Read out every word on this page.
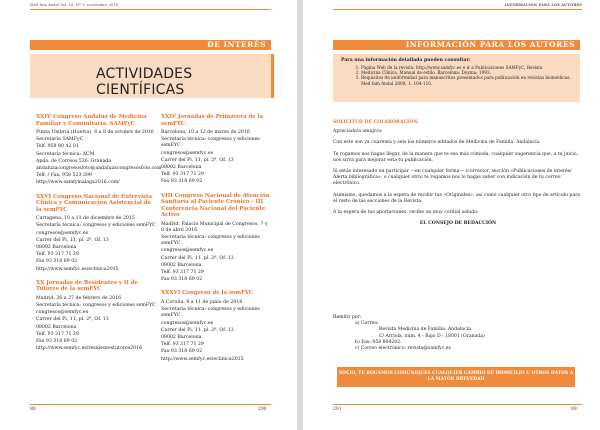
Med fam Andal Vol. 16, Nº 3, noviembre 2015
DE INTERÉS
ACTIVIDADES CIENTÍFICAS
XXIV Congreso Andaluz de Medicina Familiar y Comunitaria. SAMFyC
Punta Umbría (Huelva), 6 a 8 de octubre de 2016
Secretaría SAMFyC
Telf. 958 80 42 01
Secretaría técnica: ACM
Apdo. de Correos 536, Granada
andaluzacongresosfoto@andaluzacongresosfoto.com
Telf. / Fax: 958 523 299
http://www.samfymalaga2016.com/
XXVI Congreso Nacional de Entrevista Clínica y Comunicación Asistencial de la semFYC
Cartagena, 10 a 11 de diciembre de 2015
Secretaría técnica: congresos y ediciones semFYC
congresos@semfyc.es
Carrer del Pi, 11, pl. 2ª, Of. 13
08002 Barcelona
Telf. 93 317 71 29
Fax 93 318 69 02
http://www.semfyc.es/eclinica2015
XX Jornadas de Residentes y II de Tutores de la semFYC
Madrid, 26 a 27 de febrero de 2016
Secretaría técnica: congresos y ediciones semFYC
congresos@semfyc.es
Carrer del Pi, 11, pl. 2ª, Of. 13
08002 Barcelona
Telf. 93 317 71 29
Fax 93 318 69 02
http://www.semfyc.es/residentestutores2016
XXIV Jornadas de Primavera de la semFYC
Barcelona, 10 a 12 de marzo de 2016
Secretaría técnica: congresos y ediciones semFYC
congresos@semfyc.es
Carrer del Pi, 11, pl. 2ª, Of. 13
08002 Barcelona
Telf. 93 317 71 29
Fax 93 318 69 02
VIII Congreso Nacional de Atención Sanitaria al Paciente Crónico - III Conferencia Nacional del Paciente Activo
Madrid, Palacio Municipal de Congresos, 7 y 8 de abril 2016
Secretaría técnica: congresos y ediciones semFYC
congresos@semfyc.es
Carrer del Pi, 11, pl. 2ª, Of. 13
08002 Barcelona
Telf. 93 317 71 29
Fax 93 318 69 02
XXXVI Congreso de la semFYC
A Coruña, 9 a 11 de junio de 2016
Secretaría técnica: congresos y ediciones semFYC
congresos@semfyc.es
Carrer del Pi, 11, pl. 2ª, Of. 13
08002 Barcelona
Telf. 93 317 71 29
Fax 93 318 69 02
http://www.semfyc.es/eclinica2015
88	290
INFORMACIÓN PARA LOS AUTORES
INFORMACIÓN PARA LOS AUTORES
Para una información detallada pueden consultar:
1. Página Web de la revista: http://www.samfyc.es e ir a Publicaciones SAMFyC, Revista
2. Medicina Clínica. Manual de estilo. Barcelona: Doyma; 1993.
3. Requisitos de uniformidad para manuscritos presentados para publicación en revistas biomédicas. Med fam Andal 2000; 1: 104-110.
SOLICITUD DE COLABORACIÓN:

Apreciado/a amigo/a:

Con éste son ya cuarenta y seis los números editados de Medicina de Familia. Andalucía.

Te rogamos nos hagas llegar, de la manera que te sea más cómoda, cualquier sugerencia que, a tu juicio, nos sirva para mejorar esta tu publicación.

Si estás interesado en participar —en cualquier forma— (corrector, sección «Publicaciones de interés/ Alerta bibliográfica», o cualquier otra) te rogamos nos lo hagas saber con indicación de tu correo electrónico.

Asimismo, quedamos a la espera de recibir tus «Originales», así como cualquier otro tipo de artículo para el resto de las secciones de la Revista.

A la espera de tus aportaciones, recibe un muy cordial saludo:

EL CONSEJO DE REDACCIÓN

Remitir por:

a) Correo:

Revista Medicina de Familia. Andalucía

C/ Arriola, núm. 4 - Bajo D - 18001 (Granada)

b) Fax: 958 804202.

c) Correo electrónico: revista@samfyc.es

SOCIO, TE ROGAMOS COMUNIQUES CUALQUIER CAMBIO DE DOMICILIO U OTROS DATOS A LA MAYOR BREVEDAD
291	89
